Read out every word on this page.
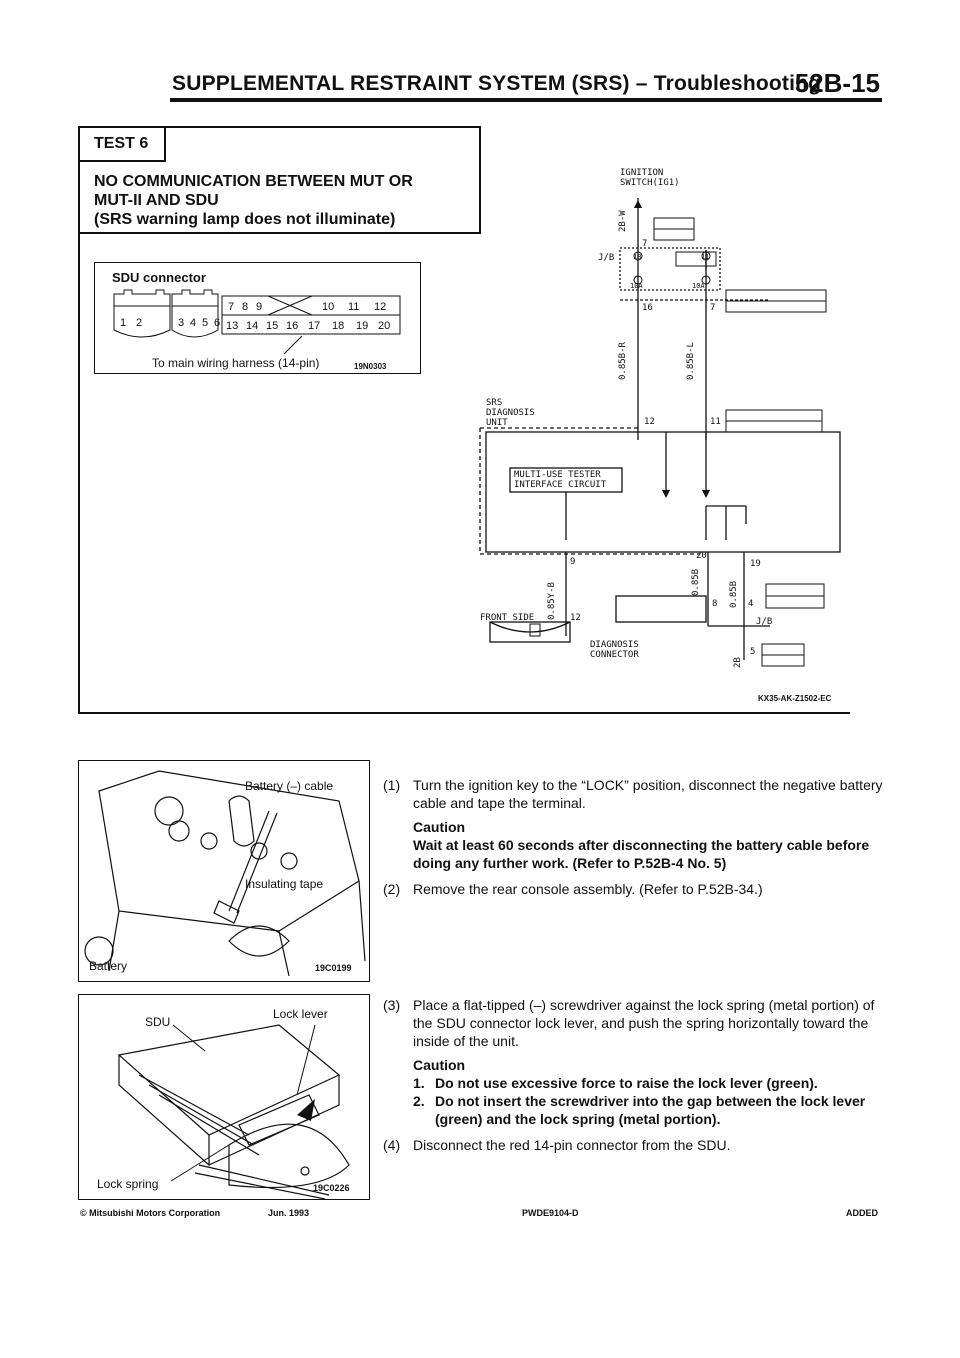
SUPPLEMENTAL RESTRAINT SYSTEM (SRS) – Troubleshooting
52B-15
TEST 6
NO COMMUNICATION BETWEEN MUT OR
MUT-II AND SDU
(SRS warning lamp does not illuminate)
SDU connector
1 2	3 4 5 6
7 8 9	10 11 12
13 14 15 16 17 18 19 20
To main wiring harness (14-pin)	19N0303
2B-W
7
J/B	18	11
10A	10A
16	7
0.85B-R	0.85B-L
12	11
9
20
19
0.85Y-B	0.85B	0.85B
8	4
FRONT SIDE	12	J/B
5
2B
IGNITION
SWITCH(IG1)
SRS
DIAGNOSIS
UNIT
MULTI-USE TESTER
INTERFACE CIRCUIT
DIAGNOSIS
CONNECTOR
KX35-AK-Z1502-EC
Battery (–) cable
Insulating tape
Battery	19C0199
SDU
Lock lever
Lock spring	19C0226
(1) Turn the ignition key to the “LOCK” position, disconnect the negative battery cable and tape the terminal.
Caution
Wait at least 60 seconds after disconnecting the battery cable before doing any further work. (Refer to P.52B-4 No. 5)
(2) Remove the rear console assembly. (Refer to P.52B-34.)
(3) Place a flat-tipped (–) screwdriver against the lock spring (metal portion) of the SDU connector lock lever, and push the spring horizontally toward the inside of the unit.
Caution
1. Do not use excessive force to raise the lock lever (green).
2. Do not insert the screwdriver into the gap between the lock lever (green) and the lock spring (metal portion).
(4) Disconnect the red 14-pin connector from the SDU.
© Mitsubishi Motors Corporation	Jun. 1993	PWDE9104-D	ADDED
